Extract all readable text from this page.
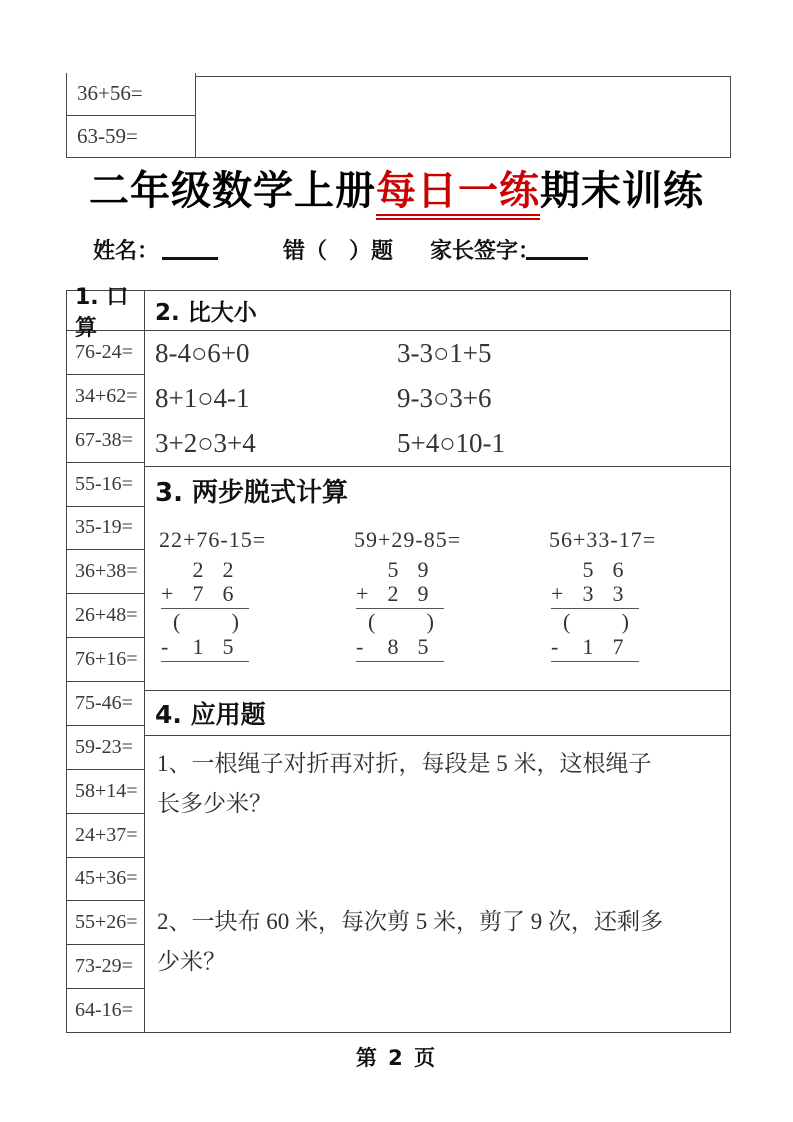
36+56=
63-59=
二年级数学上册每日一练期末训练
姓名：	错（　）题 家长签字：
1. 口算
76-24=
34+62=
67-38=
55-16=
35-19=
36+38=
26+48=
76+16=
75-46=
59-23=
58+14=
24+37=
45+36=
55+26=
73-29=
64-16=
2. 比大小
8-4○6+0	3-3○1+5
8+1○4-1	9-3○3+6
3+2○3+4	5+4○10-1
3. 两步脱式计算
22+76-15=
2 2
+ 7 6
( )
-	1 5
59+29-85=
5 9
+ 2 9
( )
-	8 5
56+33-17=
5 6
+ 3 3
( )
-	1 7
4. 应用题
1、一根绳子对折再对折，每段是 5 米，这根绳子
长多少米？
2、一块布 60 米，每次剪 5 米，剪了 9 次，还剩多
少米？
第 2 页
